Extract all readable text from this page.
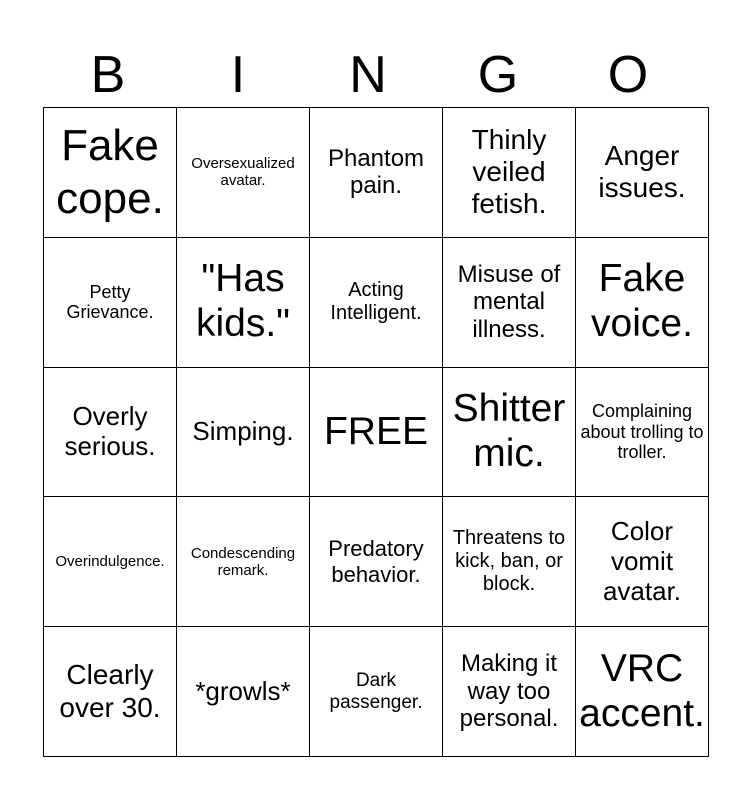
B	I	N	G	O
Fake cope.	Oversexualized avatar.	Phantom pain.	Thinly veiled fetish.	Anger issues.
Petty Grievance.	"Has kids."	Acting Intelligent.	Misuse of mental illness.	Fake voice.
Overly serious.	Simping.	FREE	Shitter mic.	Complaining about trolling to troller.
Overindulgence.	Condescending remark.	Predatory behavior.	Threatens to kick, ban, or block.	Color vomit avatar.
Clearly over 30.	*growls*	Dark passenger.	Making it way too personal.	VRC accent.
